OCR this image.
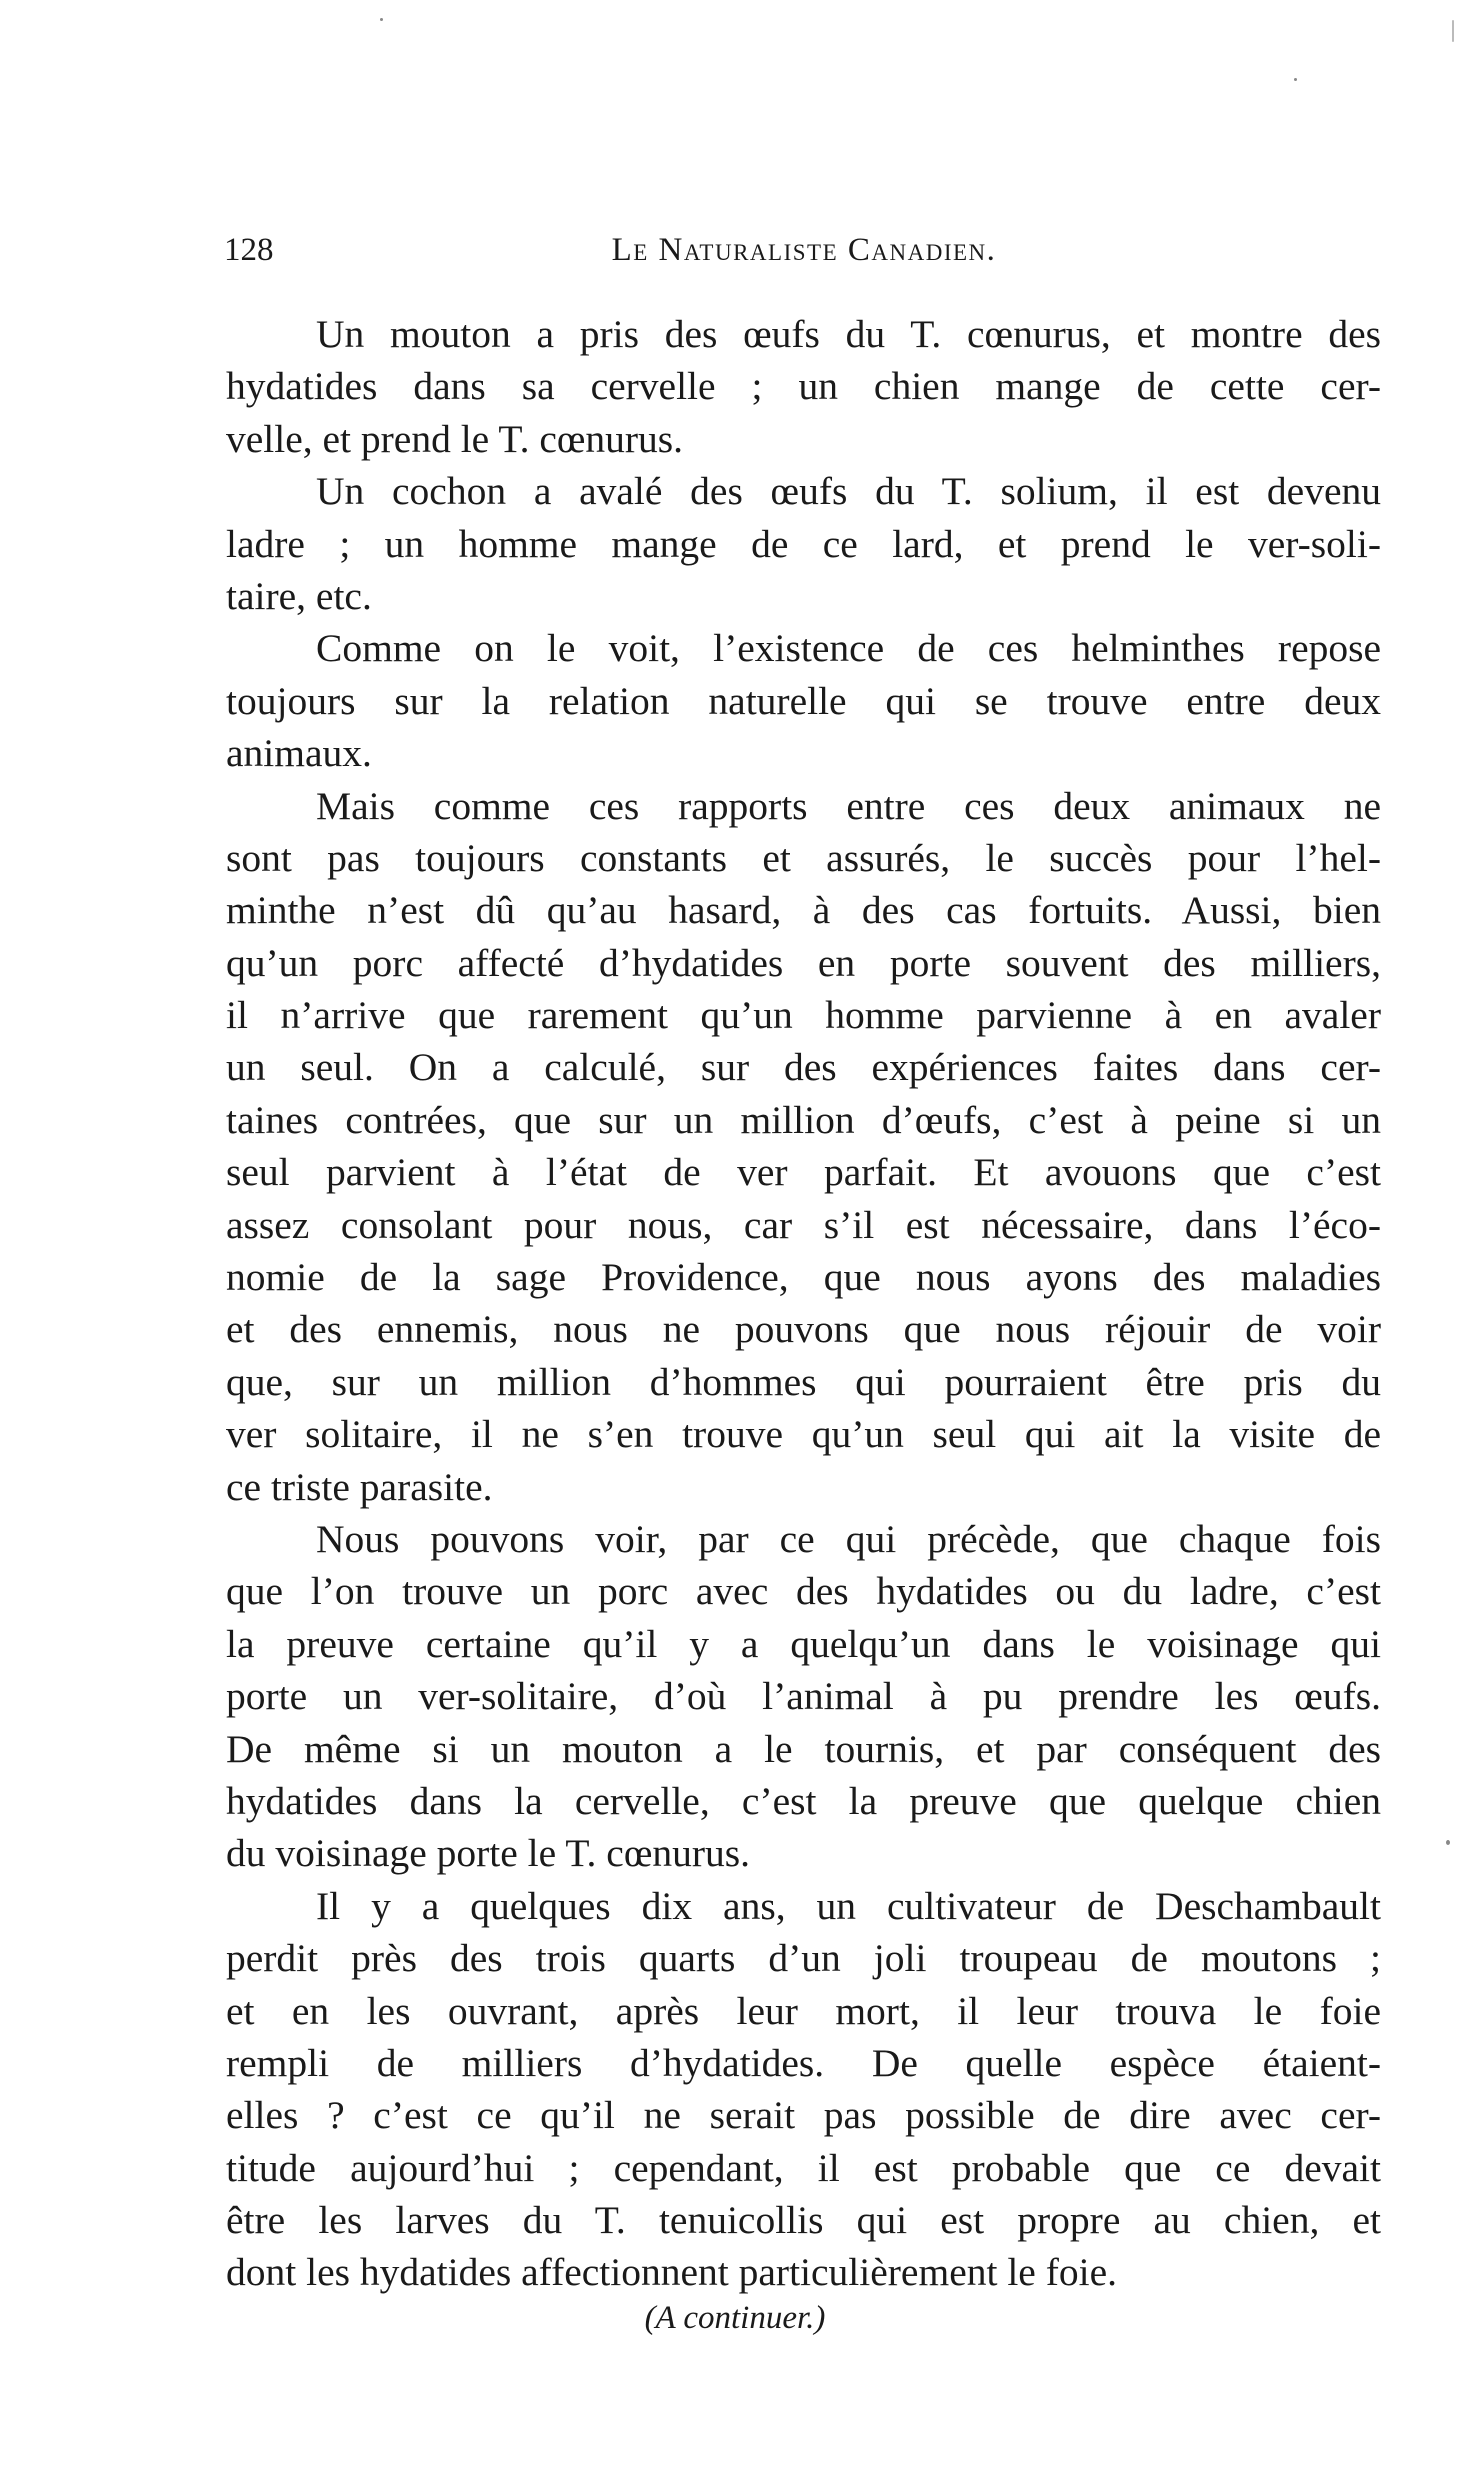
128	Le Naturaliste Canadien.
Un mouton a pris des œufs du T. cœnurus, et montre des
hydatides dans sa cervelle ; un chien mange de cette cer-
velle, et prend le T. cœnurus.
Un cochon a avalé des œufs du T. solium, il est devenu
ladre ; un homme mange de ce lard, et prend le ver-soli-
taire, etc.
Comme on le voit, l’existence de ces helminthes repose
toujours sur la relation naturelle qui se trouve entre deux
animaux.
Mais comme ces rapports entre ces deux animaux ne
sont pas toujours constants et assurés, le succès pour l’hel-
minthe n’est dû qu’au hasard, à des cas fortuits. Aussi, bien
qu’un porc affecté d’hydatides en porte souvent des milliers,
il n’arrive que rarement qu’un homme parvienne à en avaler
un seul. On a calculé, sur des expériences faites dans cer-
taines contrées, que sur un million d’œufs, c’est à peine si un
seul parvient à l’état de ver parfait. Et avouons que c’est
assez consolant pour nous, car s’il est nécessaire, dans l’éco-
nomie de la sage Providence, que nous ayons des maladies
et des ennemis, nous ne pouvons que nous réjouir de voir
que, sur un million d’hommes qui pourraient être pris du
ver solitaire, il ne s’en trouve qu’un seul qui ait la visite de
ce triste parasite.
Nous pouvons voir, par ce qui précède, que chaque fois
que l’on trouve un porc avec des hydatides ou du ladre, c’est
la preuve certaine qu’il y a quelqu’un dans le voisinage qui
porte un ver-solitaire, d’où l’animal à pu prendre les œufs.
De même si un mouton a le tournis, et par conséquent des
hydatides dans la cervelle, c’est la preuve que quelque chien
du voisinage porte le T. cœnurus.
Il y a quelques dix ans, un cultivateur de Deschambault
perdit près des trois quarts d’un joli troupeau de moutons ;
et en les ouvrant, après leur mort, il leur trouva le foie
rempli de milliers d’hydatides. De quelle espèce étaient-
elles ? c’est ce qu’il ne serait pas possible de dire avec cer-
titude aujourd’hui ; cependant, il est probable que ce devait
être les larves du T. tenuicollis qui est propre au chien, et
dont les hydatides affectionnent particulièrement le foie.
(A continuer.)
